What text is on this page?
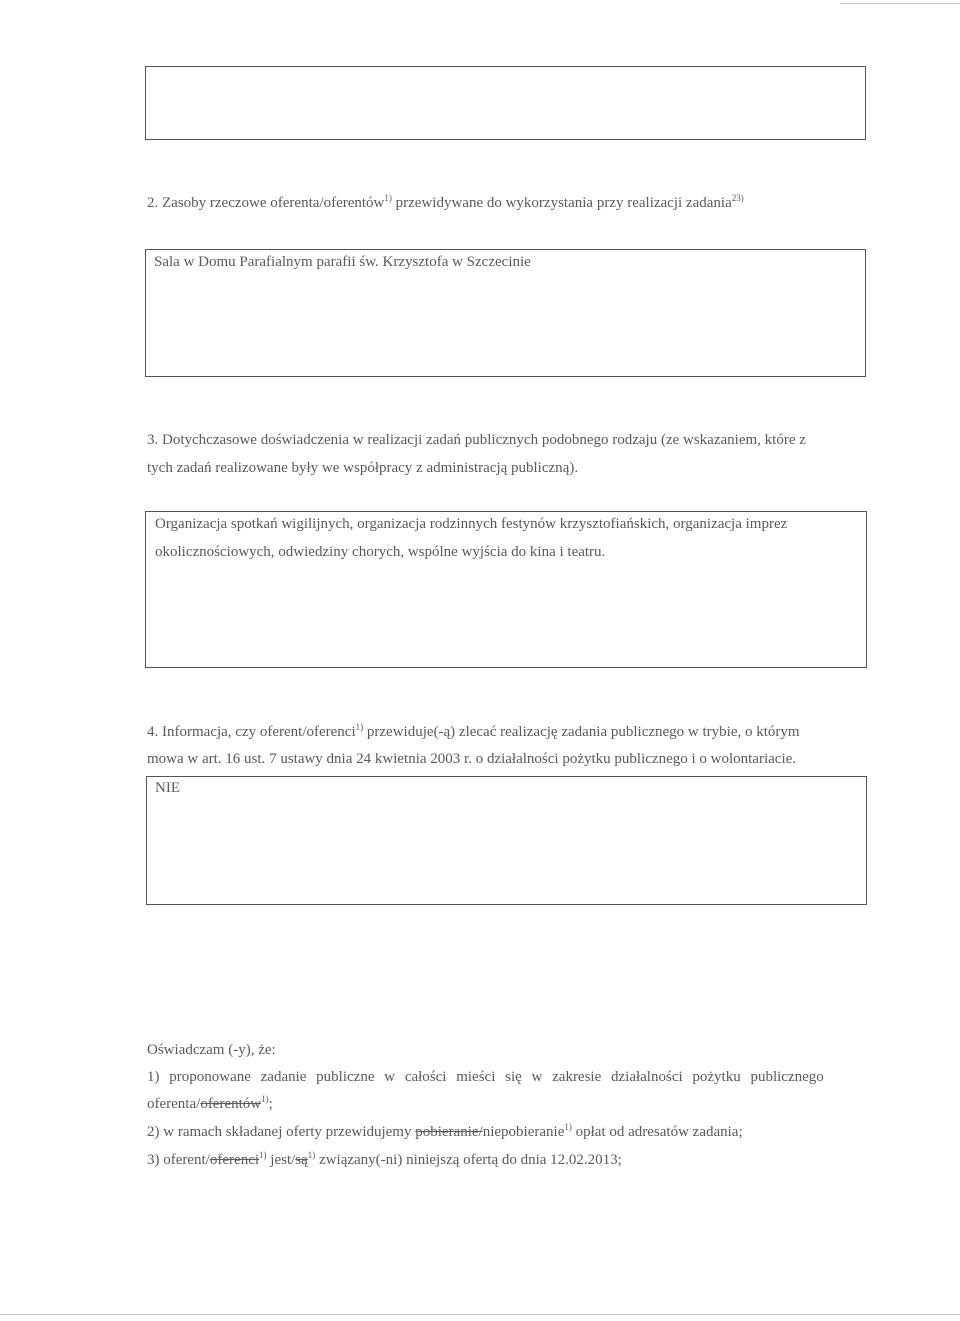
2. Zasoby rzeczowe oferenta/oferentów$^{1)}$ przewidywane do wykorzystania przy realizacji zadania$^{23)}$
Sala w Domu Parafialnym parafii św. Krzysztofa w Szczecinie
3. Dotychczasowe doświadczenia w realizacji zadań publicznych podobnego rodzaju (ze wskazaniem, które z
tych zadań realizowane były we współpracy z administracją publiczną).
Organizacja spotkań wigilijnych, organizacja rodzinnych festynów krzysztofiańskich, organizacja imprez
okolicznościowych, odwiedziny chorych, wspólne wyjścia do kina i teatru.
4. Informacja, czy oferent/oferenci$^{1)}$ przewiduje(-ą) zlecać realizację zadania publicznego w trybie, o którym
mowa w art. 16 ust. 7 ustawy dnia 24 kwietnia 2003 r. o działalności pożytku publicznego i o wolontariacie.
NIE
Oświadczam (-y), że:
1) proponowane zadanie publiczne w całości mieści się w zakresie działalności pożytku publicznego
oferenta/oferentów$^{1)}$;
2) w ramach składanej oferty przewidujemy pobieranie/niepobieranie$^{1)}$ opłat od adresatów zadania;
3) oferent/oferenci$^{1)}$ jest/$są^{1)}$ związany(-ni) niniejszą ofertą do dnia 12.02.2013;
